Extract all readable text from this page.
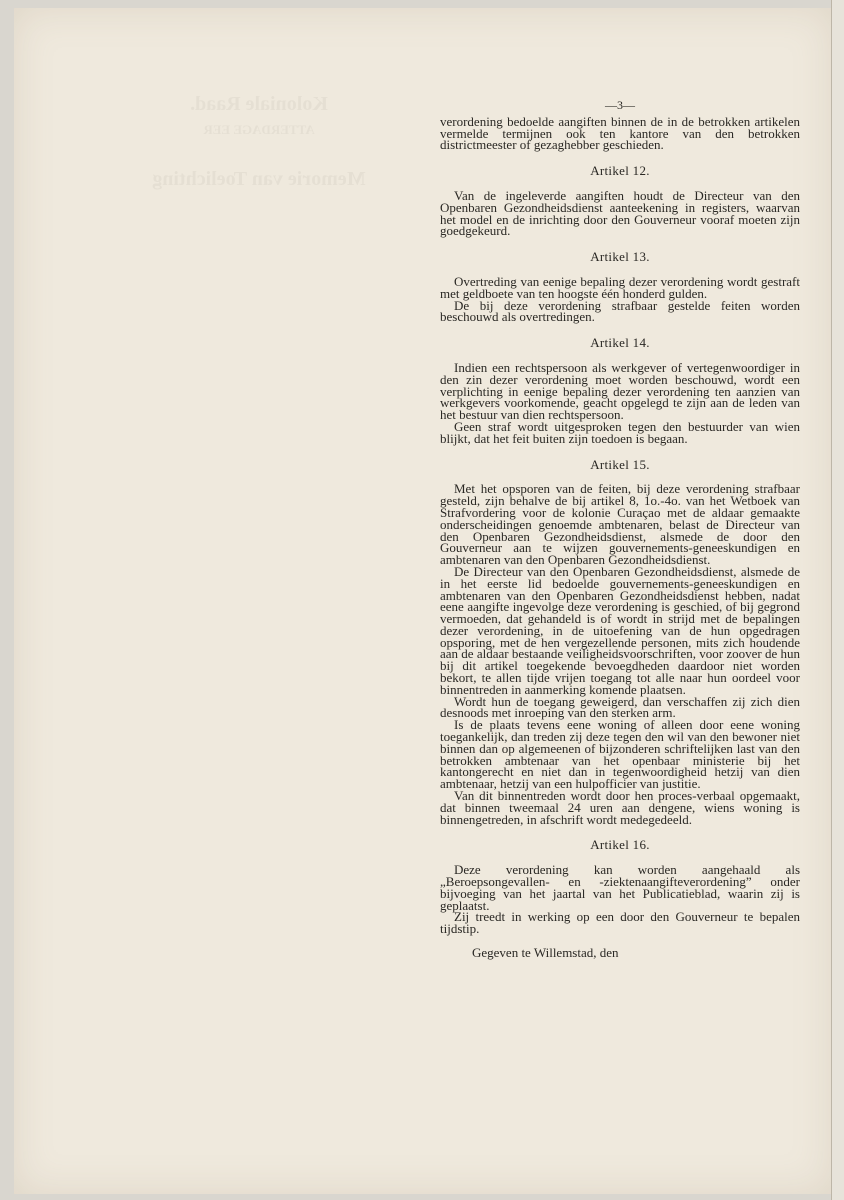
Koloniale Raad.
ATTERDAGE EER
Memorie van Toelichting
—3—

verordening bedoelde aangiften binnen de in de betrokken artikelen vermelde termijnen ook ten kantore van den betrokken districtmeester of gezaghebber geschieden.

Artikel 12.

Van de ingeleverde aangiften houdt de Directeur van den Openbaren Gezondheidsdienst aanteekening in registers, waarvan het model en de inrichting door den Gouverneur vooraf moeten zijn goedgekeurd.

Artikel 13.

Overtreding van eenige bepaling dezer verordening wordt gestraft met geldboete van ten hoogste één honderd gulden.

De bij deze verordening strafbaar gestelde feiten worden beschouwd als overtredingen.

Artikel 14.

Indien een rechtspersoon als werkgever of vertegenwoordiger in den zin dezer verordening moet worden beschouwd, wordt een verplichting in eenige bepaling dezer verordening ten aanzien van werkgevers voorkomende, geacht opgelegd te zijn aan de leden van het bestuur van dien rechtspersoon.

Geen straf wordt uitgesproken tegen den bestuurder van wien blijkt, dat het feit buiten zijn toedoen is begaan.

Artikel 15.

Met het opsporen van de feiten, bij deze verordening strafbaar gesteld, zijn behalve de bij artikel 8, 1o.-4o. van het Wetboek van Strafvordering voor de kolonie Curaçao met de aldaar gemaakte onderscheidingen genoemde ambtenaren, belast de Directeur van den Openbaren Gezondheidsdienst, alsmede de door den Gouverneur aan te wijzen gouvernements-geneeskundigen en ambtenaren van den Openbaren Gezondheidsdienst.

De Directeur van den Openbaren Gezondheidsdienst, alsmede de in het eerste lid bedoelde gouvernements-geneeskundigen en ambtenaren van den Openbaren Gezondheidsdienst hebben, nadat eene aangifte ingevolge deze verordening is geschied, of bij gegrond vermoeden, dat gehandeld is of wordt in strijd met de bepalingen dezer verordening, in de uitoefening van de hun opgedragen opsporing, met de hen vergezellende personen, mits zich houdende aan de aldaar bestaande veiligheidsvoorschriften, voor zoover de hun bij dit artikel toegekende bevoegdheden daardoor niet worden bekort, te allen tijde vrijen toegang tot alle naar hun oordeel voor binnentreden in aanmerking komende plaatsen.

Wordt hun de toegang geweigerd, dan verschaffen zij zich dien desnoods met inroeping van den sterken arm.

Is de plaats tevens eene woning of alleen door eene woning toegankelijk, dan treden zij deze tegen den wil van den bewoner niet binnen dan op algemeenen of bijzonderen schriftelijken last van den betrokken ambtenaar van het openbaar ministerie bij het kantongerecht en niet dan in tegenwoordigheid hetzij van dien ambtenaar, hetzij van een hulpofficier van justitie.

Van dit binnentreden wordt door hen proces-verbaal opgemaakt, dat binnen tweemaal 24 uren aan dengene, wiens woning is binnengetreden, in afschrift wordt medegedeeld.

Artikel 16.

Deze verordening kan worden aangehaald als „Beroepsongevallen- en -ziektenaangifteverordening” onder bijvoeging van het jaartal van het Publicatieblad, waarin zij is geplaatst.

Zij treedt in werking op een door den Gouverneur te bepalen tijdstip.

Gegeven te Willemstad, den
